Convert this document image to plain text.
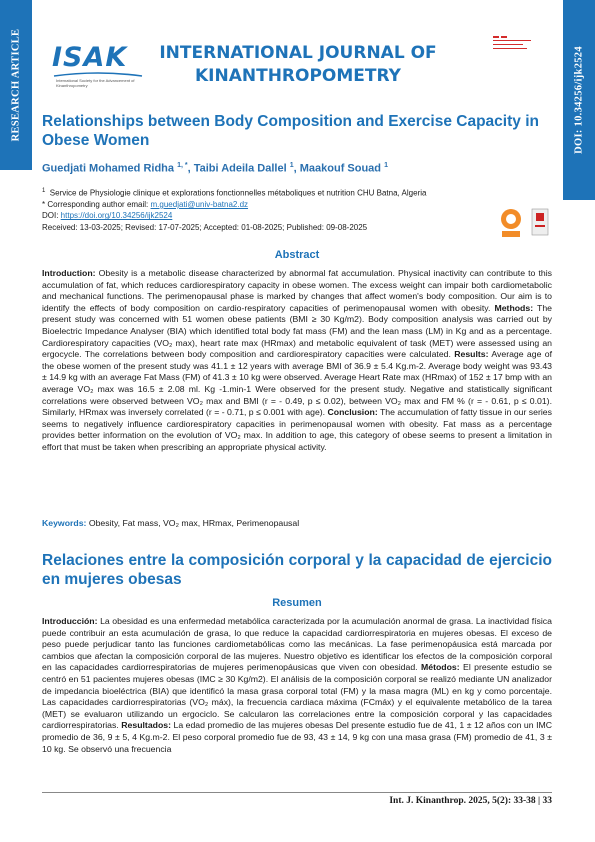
RESEARCH ARTICLE	DOI: 10.34256/ijk2524
ISAK
International Society for the Advancement of Kinanthropometry
INTERNATIONAL JOURNAL OF
KINANTHROPOMETRY
Relationships between Body Composition and Exercise Capacity in Obese Women
Guedjati Mohamed Ridha $^{1, *}$, Taibi Adeila Dallel $^1$, Maakouf Souad $^1$
$^1$ Service de Physiologie clinique et explorations fonctionnelles métaboliques et nutrition CHU Batna, Algeria
* Corresponding author email: m.guedjati@univ-batna2.dz
DOI: https://doi.org/10.34256/ijk2524
Received: 13-03-2025; Revised: 17-07-2025; Accepted: 01-08-2025; Published: 09-08-2025
Abstract

Introduction: Obesity is a metabolic disease characterized by abnormal fat accumulation. Physical inactivity can contribute to this accumulation of fat, which reduces cardiorespiratory capacity in obese women. The excess weight can impair both cardiometabolic and mechanical functions. The perimenopausal phase is marked by changes that affect women's body composition. Our aim is to identify the effects of body composition on cardio-respiratory capacities of perimenopausal women with obesity. Methods: The present study was concerned with 51 women obese patients (BMI ≥ 30 Kg/m2). Body composition analysis was carried out by Bioelectric Impedance Analyser (BIA) which identified total body fat mass (FM) and the lean mass (LM) in Kg and as a percentage. Cardiorespiratory capacities (VO₂ max), heart rate max (HRmax) and metabolic equivalent of task (MET) were assessed using an ergocycle. The correlations between body composition and cardiorespiratory capacities were calculated. Results: Average age of the obese women of the present study was 41.1 ± 12 years with average BMI of 36.9 ± 5.4 Kg.m-2. Average body weight was 93.43 ± 14.9 kg with an average Fat Mass (FM) of 41.3 ± 10 kg were observed. Average Heart Rate max (HRmax) of 152 ± 17 bmp with an average VO₂ max was 16.5 ± 2.08 ml. Kg -1.min-1 Were observed for the present study. Negative and statistically significant correlations were observed between VO₂ max and BMI (r = - 0.49, p ≤ 0.02), between VO₂ max and FM % (r = - 0.61, p ≤ 0.01). Similarly, HRmax was inversely correlated (r = - 0.71, p ≤ 0.001 with age). Conclusion: The accumulation of fatty tissue in our series seems to negatively influence cardiorespiratory capacities in perimenopausal women with obesity. Fat mass as a percentage provides better information on the evolution of VO₂ max. In addition to age, this category of obese seems to present a limitation in effort that must be taken when prescribing an appropriate physical activity.

Keywords: Obesity, Fat mass, VO₂ max, HRmax, Perimenopausal
Relaciones entre la composición corporal y la capacidad de ejercicio en mujeres obesas
Resumen

Introducción: La obesidad es una enfermedad metabólica caracterizada por la acumulación anormal de grasa. La inactividad física puede contribuir an esta acumulación de grasa, lo que reduce la capacidad cardiorrespiratoria en mujeres obesas. El exceso de peso puede perjudicar tanto las funciones cardiometabólicas como las mecánicas. La fase perimenopáusica está marcada por cambios que afectan la composición corporal de las mujeres. Nuestro objetivo es identificar los efectos de la composición corporal en las capacidades cardiorrespiratorias de mujeres perimenopáusicas que viven con obesidad. Métodos: El presente estudio se centró en 51 pacientes mujeres obesas (IMC ≥ 30 Kg/m2). El análisis de la composición corporal se realizó mediante UN analizador de impedancia bioeléctrica (BIA) que identificó la masa grasa corporal total (FM) y la masa magra (ML) en kg y como porcentaje. Las capacidades cardiorrespiratorias (VO₂ máx), la frecuencia cardiaca máxima (FCmáx) y el equivalente metabólico de la tarea (MET) se evaluaron utilizando un ergociclo. Se calcularon las correlaciones entre la composición corporal y las capacidades cardiorrespiratorias. Resultados: La edad promedio de las mujeres obesas Del presente estudio fue de 41, 1 ± 12 años con un IMC promedio de 36, 9 ± 5, 4 Kg.m-2. El peso corporal promedio fue de 93, 43 ± 14, 9 kg con una masa grasa (FM) promedio de 41, 3 ± 10 kg. Se observó una frecuencia

Int. J. Kinanthrop. 2025, 5(2): 33-38 | 33
